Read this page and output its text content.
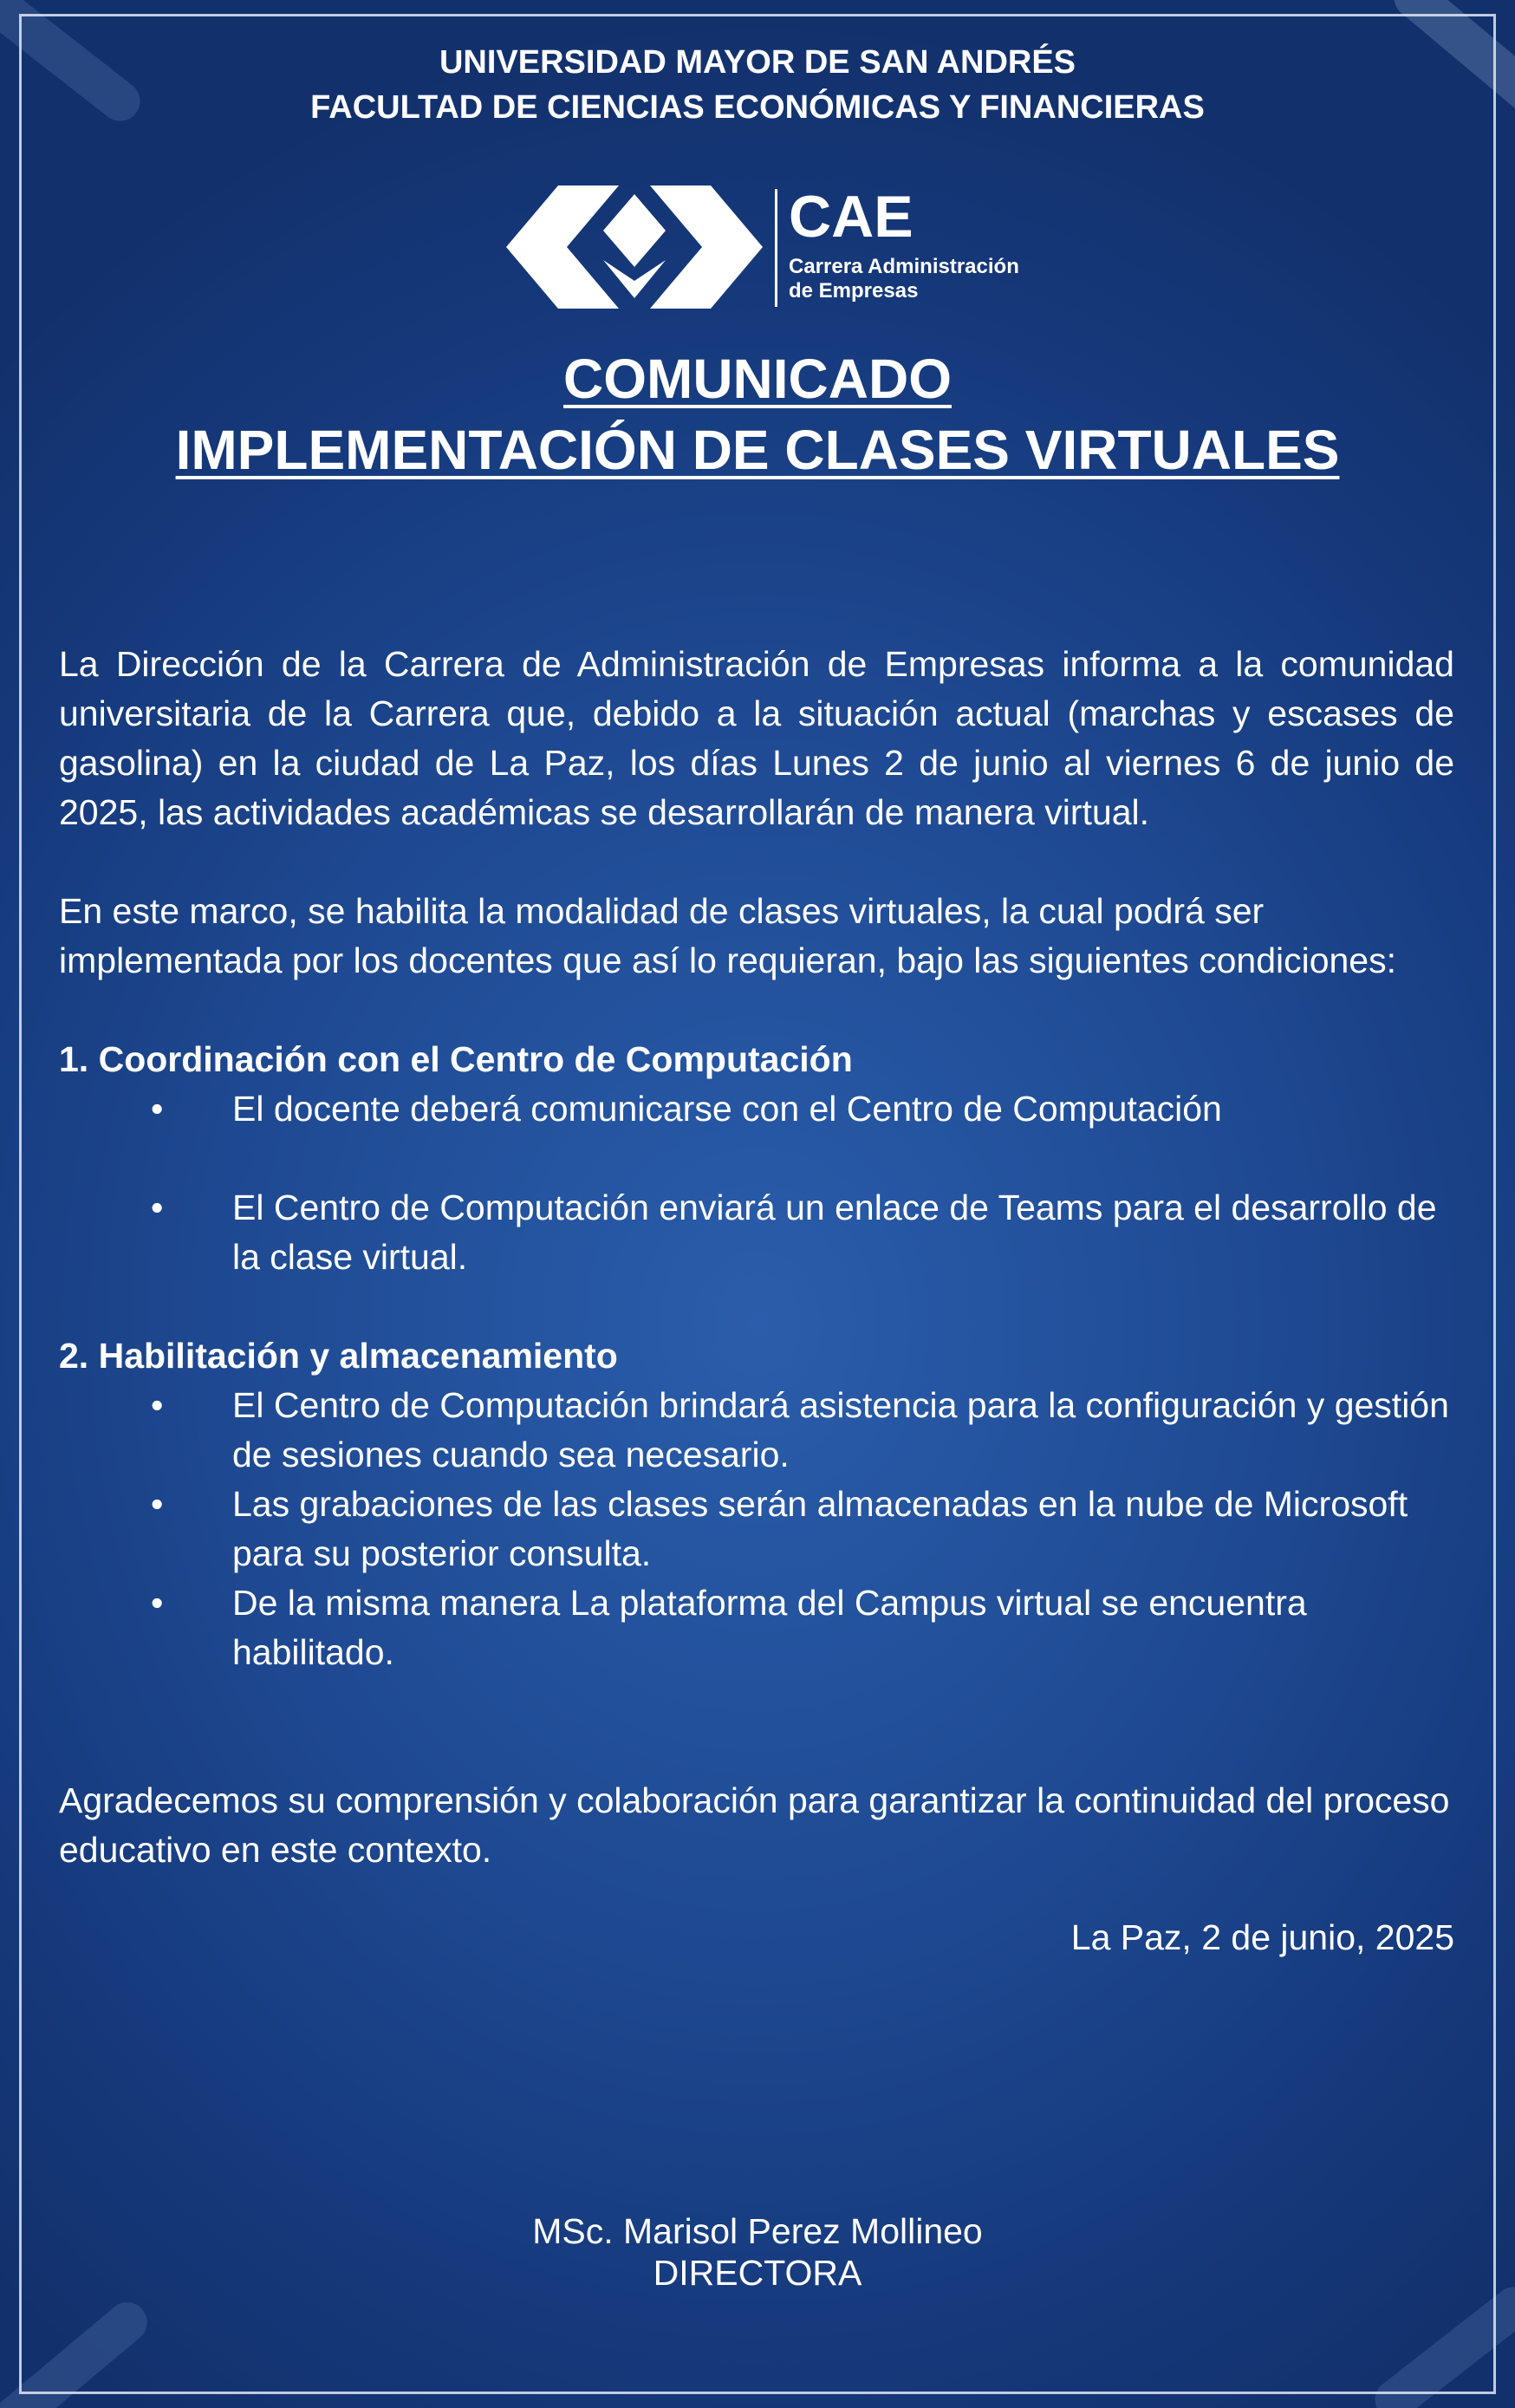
UNIVERSIDAD MAYOR DE SAN ANDRÉS
FACULTAD DE CIENCIAS ECONÓMICAS Y FINANCIERAS
CAE
Carrera Administración
de Empresas
COMUNICADO
IMPLEMENTACIÓN DE CLASES VIRTUALES

La Dirección de la Carrera de Administración de Empresas informa a la comunidad universitaria de la Carrera que, debido a la situación actual (marchas y escases de gasolina) en la ciudad de La Paz, los días Lunes 2 de junio al viernes 6 de junio de 2025, las actividades académicas se desarrollarán de manera virtual.

En este marco, se habilita la modalidad de clases virtuales, la cual podrá ser implementada por los docentes que así lo requieran, bajo las siguientes condiciones:

1. Coordinación con el Centro de Computación

• El docente deberá comunicarse con el Centro de Computación
• El Centro de Computación enviará un enlace de Teams para el desarrollo de la clase virtual.

2. Habilitación y almacenamiento

• El Centro de Computación brindará asistencia para la configuración y gestión de sesiones cuando sea necesario.
• Las grabaciones de las clases serán almacenadas en la nube de Microsoft para su posterior consulta.
• De la misma manera La plataforma del Campus virtual se encuentra habilitado.

Agradecemos su comprensión y colaboración para garantizar la continuidad del proceso educativo en este contexto.

La Paz, 2 de junio, 2025

MSc. Marisol Perez Mollineo
DIRECTORA
